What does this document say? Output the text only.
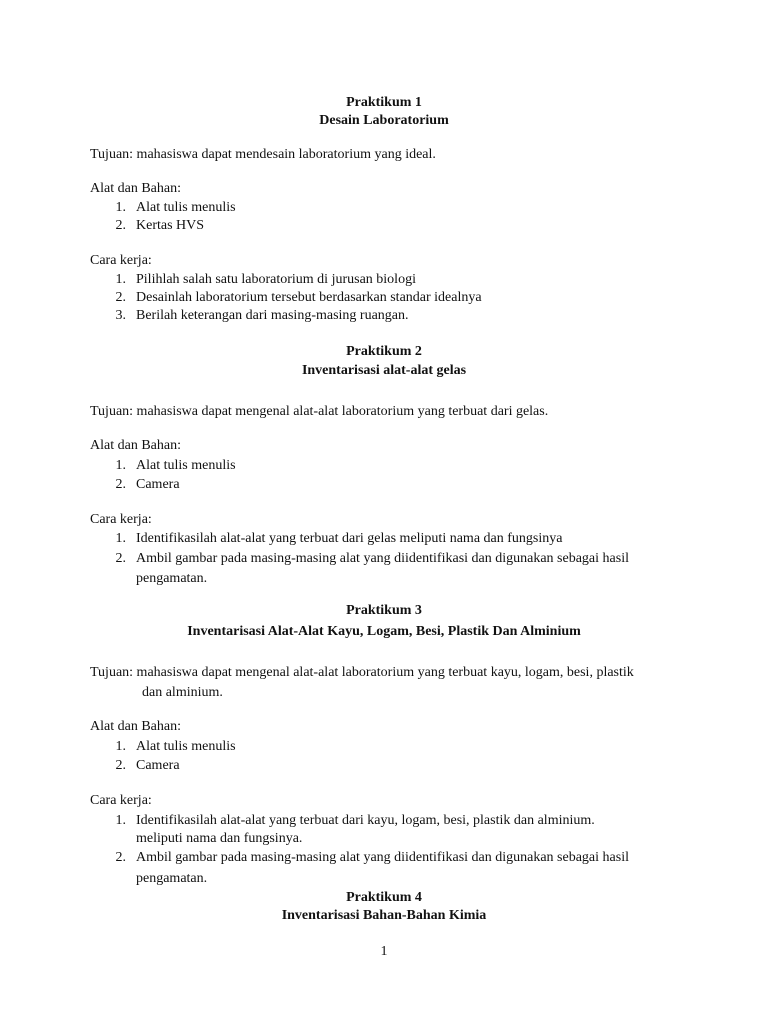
Praktikum 1
Desain Laboratorium
Tujuan: mahasiswa dapat mendesain laboratorium yang ideal.
Alat dan Bahan:
1. Alat tulis menulis
2. Kertas HVS
Cara kerja:
1. Pilihlah salah satu laboratorium di jurusan biologi
2. Desainlah laboratorium tersebut berdasarkan standar idealnya
3. Berilah keterangan dari masing-masing ruangan.
Praktikum 2
Inventarisasi alat-alat gelas
Tujuan: mahasiswa dapat mengenal alat-alat laboratorium yang terbuat dari gelas.
Alat dan Bahan:
1. Alat tulis menulis
2. Camera
Cara kerja:
1. Identifikasilah alat-alat yang terbuat dari gelas meliputi nama dan fungsinya
2. Ambil gambar pada masing-masing alat yang diidentifikasi dan digunakan sebagai hasil
pengamatan.
Praktikum 3
Inventarisasi Alat-Alat Kayu, Logam, Besi, Plastik Dan Alminium
Tujuan: mahasiswa dapat mengenal alat-alat laboratorium yang terbuat kayu, logam, besi, plastik
dan alminium.
Alat dan Bahan:
1. Alat tulis menulis
2. Camera
Cara kerja:
1. Identifikasilah alat-alat yang terbuat dari kayu, logam, besi, plastik dan alminium.
meliputi nama dan fungsinya.
2. Ambil gambar pada masing-masing alat yang diidentifikasi dan digunakan sebagai hasil
pengamatan.
Praktikum 4
Inventarisasi Bahan-Bahan Kimia
1
